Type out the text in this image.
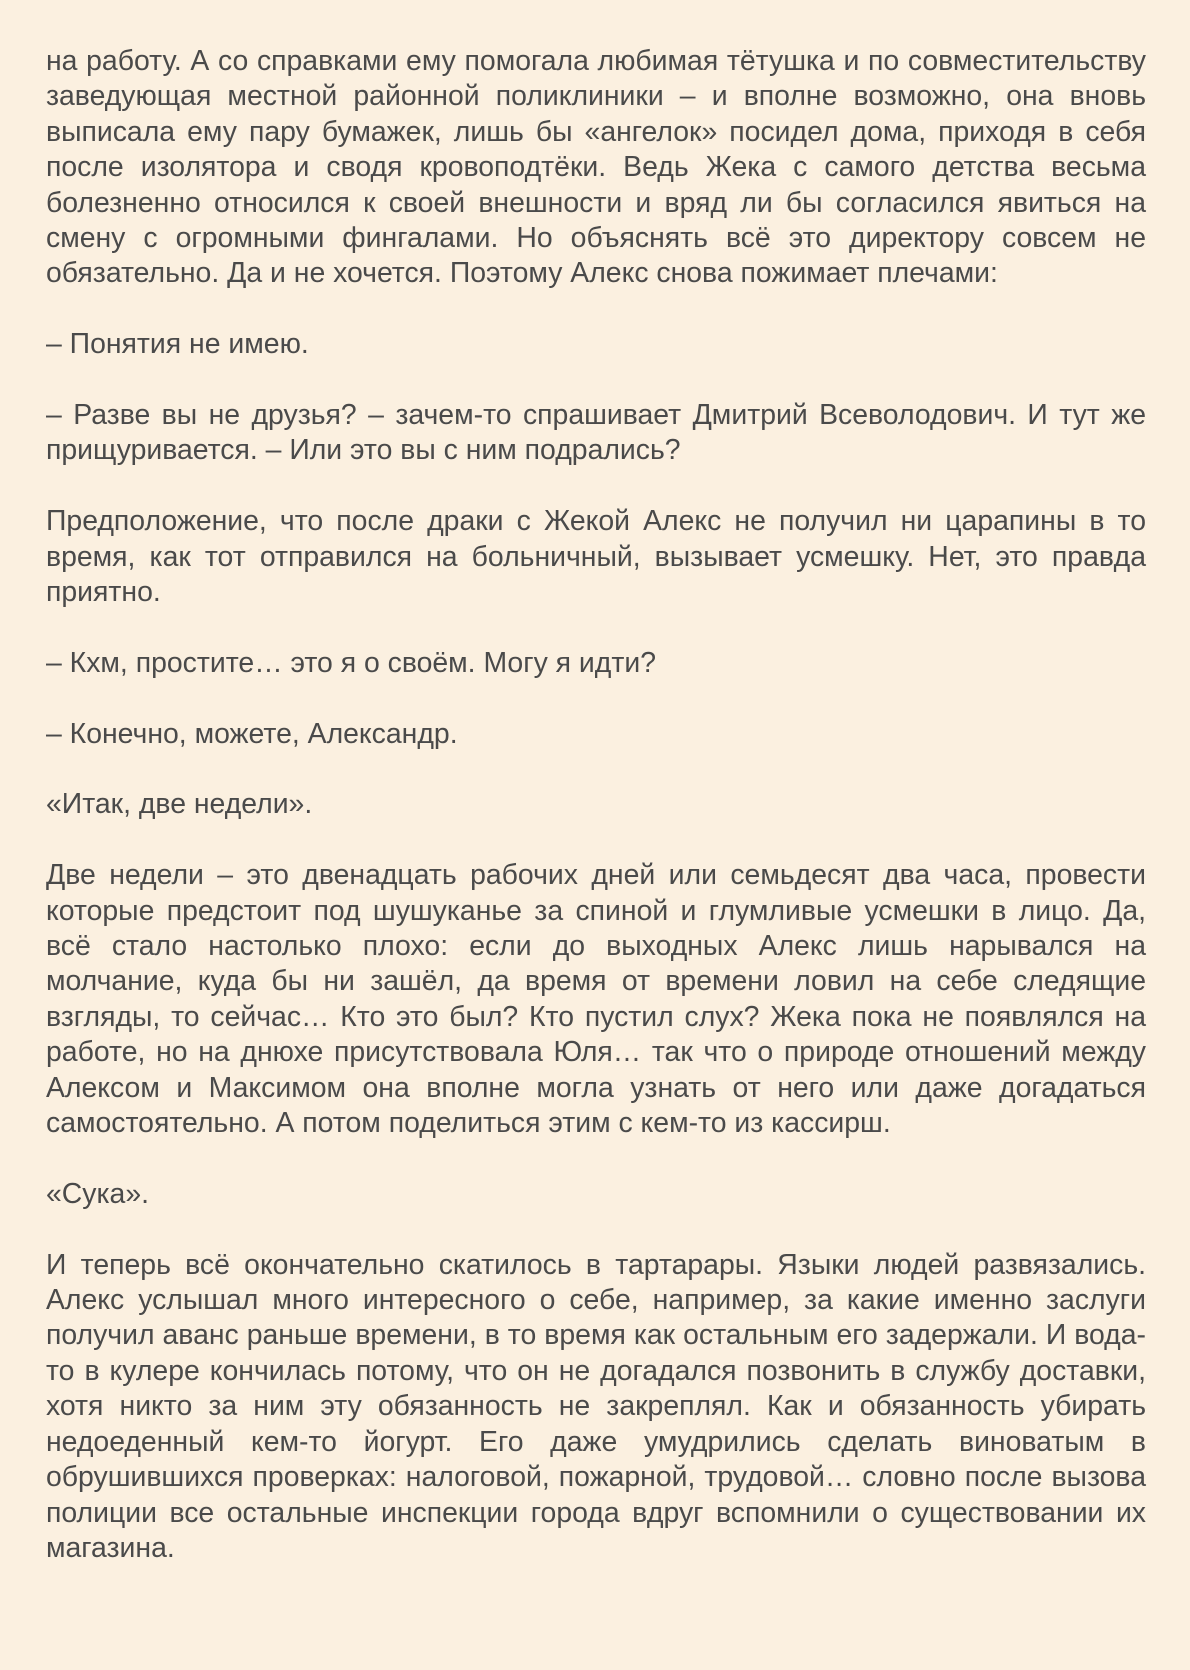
на работу. А со справками ему помогала любимая тётушка и по совместительству заведующая местной районной поликлиники – и вполне возможно, она вновь выписала ему пару бумажек, лишь бы «ангелок» посидел дома, приходя в себя после изолятора и сводя кровоподтёки. Ведь Жека с самого детства весьма болезненно относился к своей внешности и вряд ли бы согласился явиться на смену с огромными фингалами. Но объяснять всё это директору совсем не обязательно. Да и не хочется. Поэтому Алекс снова пожимает плечами:

– Понятия не имею.

– Разве вы не друзья? – зачем-то спрашивает Дмитрий Всеволодович. И тут же прищуривается. – Или это вы с ним подрались?

Предположение, что после драки с Жекой Алекс не получил ни царапины в то время, как тот отправился на больничный, вызывает усмешку. Нет, это правда приятно.

– Кхм, простите… это я о своём. Могу я идти?

– Конечно, можете, Александр.

«Итак, две недели».

Две недели – это двенадцать рабочих дней или семьдесят два часа, провести которые предстоит под шушуканье за спиной и глумливые усмешки в лицо. Да, всё стало настолько плохо: если до выходных Алекс лишь нарывался на молчание, куда бы ни зашёл, да время от времени ловил на себе следящие взгляды, то сейчас… Кто это был? Кто пустил слух? Жека пока не появлялся на работе, но на днюхе присутствовала Юля… так что о природе отношений между Алексом и Максимом она вполне могла узнать от него или даже догадаться самостоятельно. А потом поделиться этим с кем-то из кассирш.

«Сука».

И теперь всё окончательно скатилось в тартарары. Языки людей развязались. Алекс услышал много интересного о себе, например, за какие именно заслуги получил аванс раньше времени, в то время как остальным его задержали. И вода-то в кулере кончилась потому, что он не догадался позвонить в службу доставки, хотя никто за ним эту обязанность не закреплял. Как и обязанность убирать недоеденный кем-то йогурт. Его даже умудрились сделать виноватым в обрушившихся проверках: налоговой, пожарной, трудовой… словно после вызова полиции все остальные инспекции города вдруг вспомнили о существовании их магазина.
